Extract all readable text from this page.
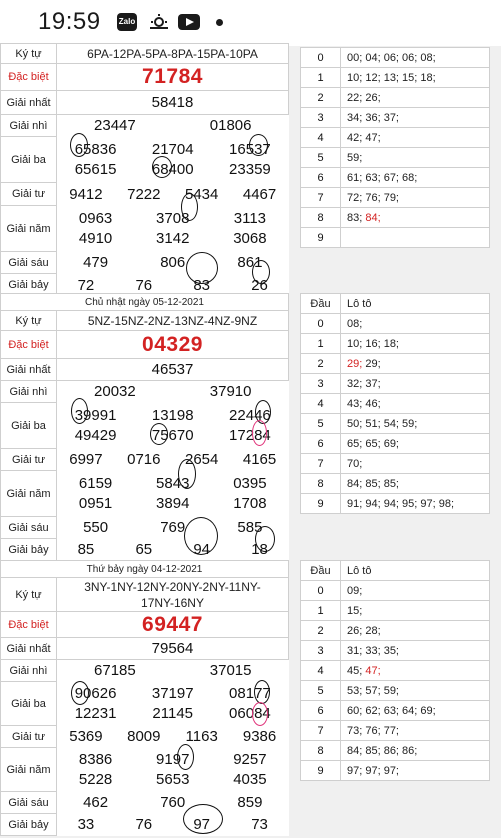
19:59 Zalo
Ký tự	6PA-12PA-5PA-8PA-15PA-10PA
Đặc biệt	71784
Giải nhất	58418
Giải nhì		23447	01806

Giải ba	
65836	21704	16537
65615	68400	23359

Giải tư	9412	7222	5434	4467

Giải năm	
0963	3708	3113
4910	3142	3068

Giải sáu	479	806	861

Giải bảy	72	76	83	26
0	00; 04; 06; 06; 08;
1	10; 12; 13; 15; 18;
2	22; 26;
3	34; 36; 37;
4	42; 47;
5	59;
6	61; 63; 67; 68;
7	72; 76; 79;
8	83; 84;
9	
Chủ nhật ngày 05-12-2021
Ký tự	5NZ-15NZ-2NZ-13NZ-4NZ-9NZ
Đặc biệt	04329
Giải nhất	46537
Giải nhì		20032	37910

Giải ba	
39991	13198	22446
49429	75670	17284

Giải tư	6997	0716	2654	4165

Giải năm	
6159	5843	0395
0951	3894	1708

Giải sáu	550	769	585

Giải bảy	85	65	94	18
Đầu	Lô tô
0	08;
1	10; 16; 18;
2	29; 29;
3	32; 37;
4	43; 46;
5	50; 51; 54; 59;
6	65; 65; 69;
7	70;
8	84; 85; 85;
9	91; 94; 94; 95; 97; 98;
Thứ bảy ngày 04-12-2021
Ký tự	3NY-1NY-12NY-20NY-2NY-11NY-17NY-16NY
Đặc biệt	69447
Giải nhất	79564
Giải nhì		67185	37015

Giải ba	
90626	37197	08177
12231	21145	06084

Giải tư	5369	8009	1163	9386

Giải năm	
8386	9197	9257
5228	5653	4035

Giải sáu	462	760	859

Giải bảy	33	76	97	73
Đầu	Lô tô
0	09;
1	15;
2	26; 28;
3	31; 33; 35;
4	45; 47;
5	53; 57; 59;
6	60; 62; 63; 64; 69;
7	73; 76; 77;
8	84; 85; 86; 86;
9	97; 97; 97;
